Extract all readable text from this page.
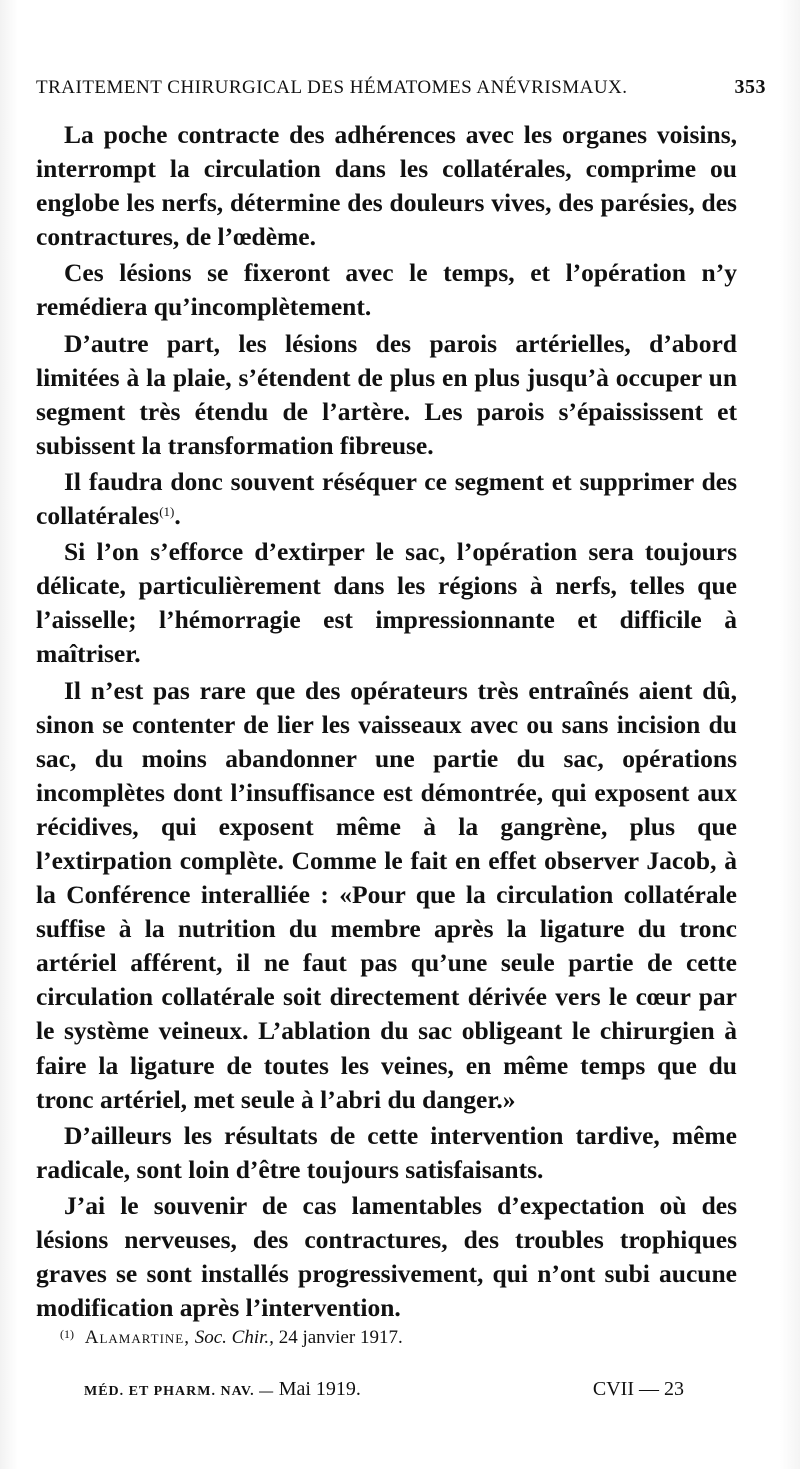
TRAITEMENT CHIRURGICAL DES HÉMATOMES ANÉVRISMAUX.	353

La poche contracte des adhérences avec les organes voisins, interrompt la circulation dans les collatérales, comprime ou englobe les nerfs, détermine des douleurs vives, des parésies, des contractures, de l’œdème.

Ces lésions se fixeront avec le temps, et l’opération n’y remédiera qu’incomplètement.

D’autre part, les lésions des parois artérielles, d’abord limitées à la plaie, s’étendent de plus en plus jusqu’à occuper un segment très étendu de l’artère. Les parois s’épaississent et subissent la transformation fibreuse.

Il faudra donc souvent réséquer ce segment et supprimer des collatérales$^{(1)}$.

Si l’on s’efforce d’extirper le sac, l’opération sera toujours délicate, particulièrement dans les régions à nerfs, telles que l’aisselle; l’hémorragie est impressionnante et difficile à maîtriser.

Il n’est pas rare que des opérateurs très entraînés aient dû, sinon se contenter de lier les vaisseaux avec ou sans incision du sac, du moins abandonner une partie du sac, opérations incomplètes dont l’insuffisance est démontrée, qui exposent aux récidives, qui exposent même à la gangrène, plus que l’extirpation complète. Comme le fait en effet observer Jacob, à la Conférence interalliée : «Pour que la circulation collatérale suffise à la nutrition du membre après la ligature du tronc artériel afférent, il ne faut pas qu’une seule partie de cette circulation collatérale soit directement dérivée vers le cœur par le système veineux. L’ablation du sac obligeant le chirurgien à faire la ligature de toutes les veines, en même temps que du tronc artériel, met seule à l’abri du danger.»

D’ailleurs les résultats de cette intervention tardive, même radicale, sont loin d’être toujours satisfaisants.

J’ai le souvenir de cas lamentables d’expectation où des lésions nerveuses, des contractures, des troubles trophiques graves se sont installés progressivement, qui n’ont subi aucune modification après l’intervention.

$^{(1)}$ Alamartine, Soc. Chir., 24 janvier 1917.
MÉD. ET PHARM. NAV. — Mai 1919.	CVII — 23
